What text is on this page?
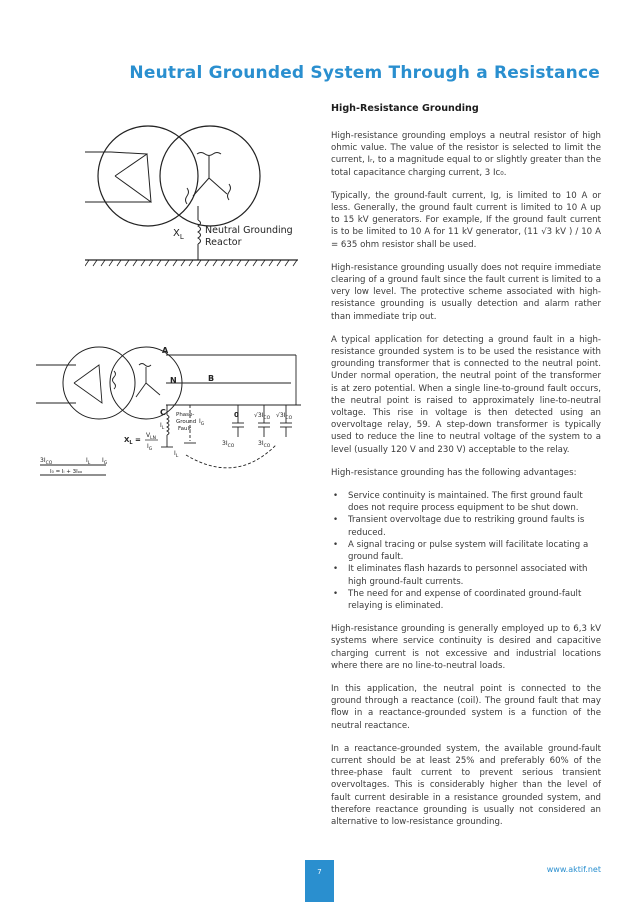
Neutral Grounded System Through a Resistance
$X_L$
Neutral Grounding
Reactor
A
B
C
N
$I_L$
Phase-
Ground
Fault
$I_G$
0	$√3I_{CO}$ $√3I_{CO}$
$3I_{CO}$	$3I_{CO}$
$I_L$
$X_L$ =
$V_{LN}$
$I_G$
$3I_{CO}$	$I_L$ $I_G$
I₀ = Iₗ + 3Iₒₒ
High-Resistance Grounding

High-resistance grounding employs a neutral resistor of high ohmic value. The value of the resistor is selected to limit the current, Iᵣ, to a magnitude equal to or slightly greater than the total capacitance charging current, 3 Iᴄ₀.

Typically, the ground-fault current, Ig, is limited to 10 A or less. Generally, the ground fault current is limited to 10 A up to 15 kV generators. For example, If the ground fault current is to be limited to 10 A for 11 kV generator, (11 √3 kV ) / 10 A = 635 ohm resistor shall be used.

High-resistance grounding usually does not require immediate clearing of a ground fault since the fault current is limited to a very low level. The protective scheme associated with high-resistance grounding is usually detection and alarm rather than immediate trip out.

A typical application for detecting a ground fault in a high-resistance grounded system is to be used the resistance with grounding transformer that is connected to the neutral point. Under normal operation, the neutral point of the transformer is at zero potential. When a single line-to-ground fault occurs, the neutral point is raised to approximately line-to-neutral voltage. This rise in voltage is then detected using an overvoltage relay, 59. A step-down transformer is typically used to reduce the line to neutral voltage of the system to a level (usually 120 V and 230 V) acceptable to the relay.

High-resistance grounding has the following advantages:

• Service continuity is maintained. The first ground fault does not require process equipment to be shut down.
• Transient overvoltage due to restriking ground faults is reduced.
• A signal tracing or pulse system will facilitate locating a ground fault.
• It eliminates flash hazards to personnel associated with high ground-fault currents.
• The need for and expense of coordinated ground-fault relaying is eliminated.

High-resistance grounding is generally employed up to 6,3 kV systems where service continuity is desired and capacitive charging current is not excessive and industrial locations where there are no line-to-neutral loads.

In this application, the neutral point is connected to the ground through a reactance (coil). The ground fault that may flow in a reactance-grounded system is a function of the neutral reactance.

In a reactance-grounded system, the available ground-fault current should be at least 25% and preferably 60% of the three-phase fault current to prevent serious transient overvoltages. This is considerably higher than the level of fault current desirable in a resistance grounded system, and therefore reactance grounding is usually not considered an alternative to low-resistance grounding.

7	www.aktif.net
